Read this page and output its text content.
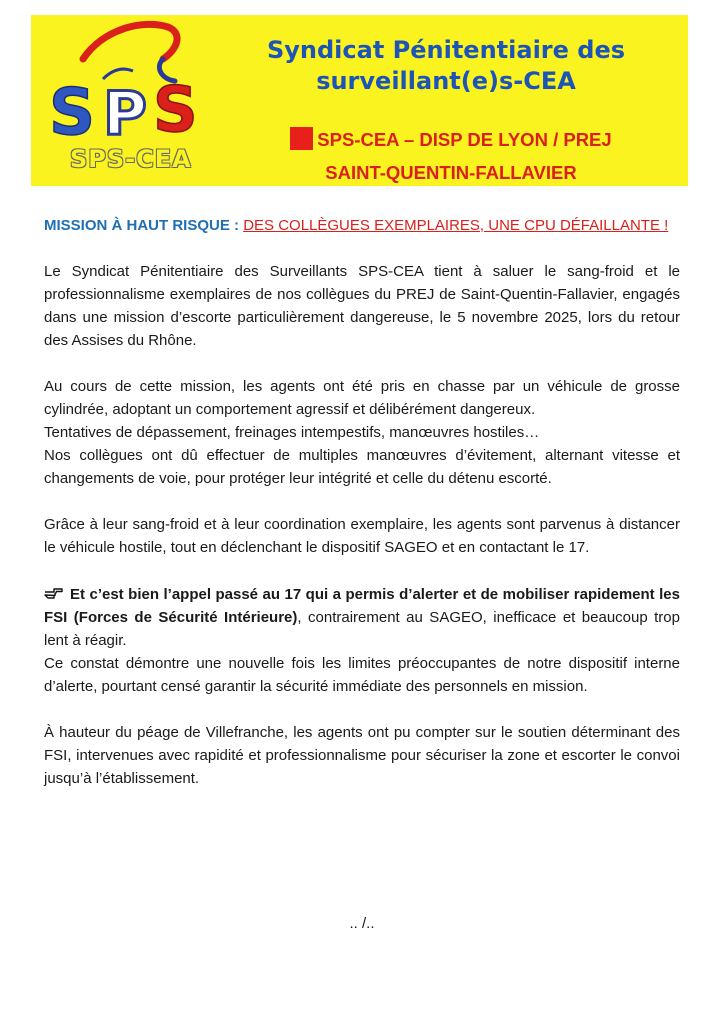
S P S
SPS-CEA
Syndicat Pénitentiaire des
surveillant(e)s-CEA
SPS-CEA – DISP DE LYON / PREJ
SAINT-QUENTIN-FALLAVIER

MISSION À HAUT RISQUE : DES COLLÈGUES EXEMPLAIRES, UNE CPU DÉFAILLANTE !

Le Syndicat Pénitentiaire des Surveillants SPS-CEA tient à saluer le sang-froid et le professionnalisme exemplaires de nos collègues du PREJ de Saint-Quentin-Fallavier, engagés dans une mission d’escorte particulièrement dangereuse, le 5 novembre 2025, lors du retour des Assises du Rhône.

Au cours de cette mission, les agents ont été pris en chasse par un véhicule de grosse cylindrée, adoptant un comportement agressif et délibérément dangereux.

Tentatives de dépassement, freinages intempestifs, manœuvres hostiles…

Nos collègues ont dû effectuer de multiples manœuvres d’évitement, alternant vitesse et changements de voie, pour protéger leur intégrité et celle du détenu escorté.

Grâce à leur sang-froid et à leur coordination exemplaire, les agents sont parvenus à distancer le véhicule hostile, tout en déclenchant le dispositif SAGEO et en contactant le 17.

Et c’est bien l’appel passé au 17 qui a permis d’alerter et de mobiliser rapidement les FSI (Forces de Sécurité Intérieure), contrairement au SAGEO, inefficace et beaucoup trop lent à réagir.

Ce constat démontre une nouvelle fois les limites préoccupantes de notre dispositif interne d’alerte, pourtant censé garantir la sécurité immédiate des personnels en mission.

À hauteur du péage de Villefranche, les agents ont pu compter sur le soutien déterminant des FSI, intervenues avec rapidité et professionnalisme pour sécuriser la zone et escorter le convoi jusqu’à l’établissement.

.. /..
